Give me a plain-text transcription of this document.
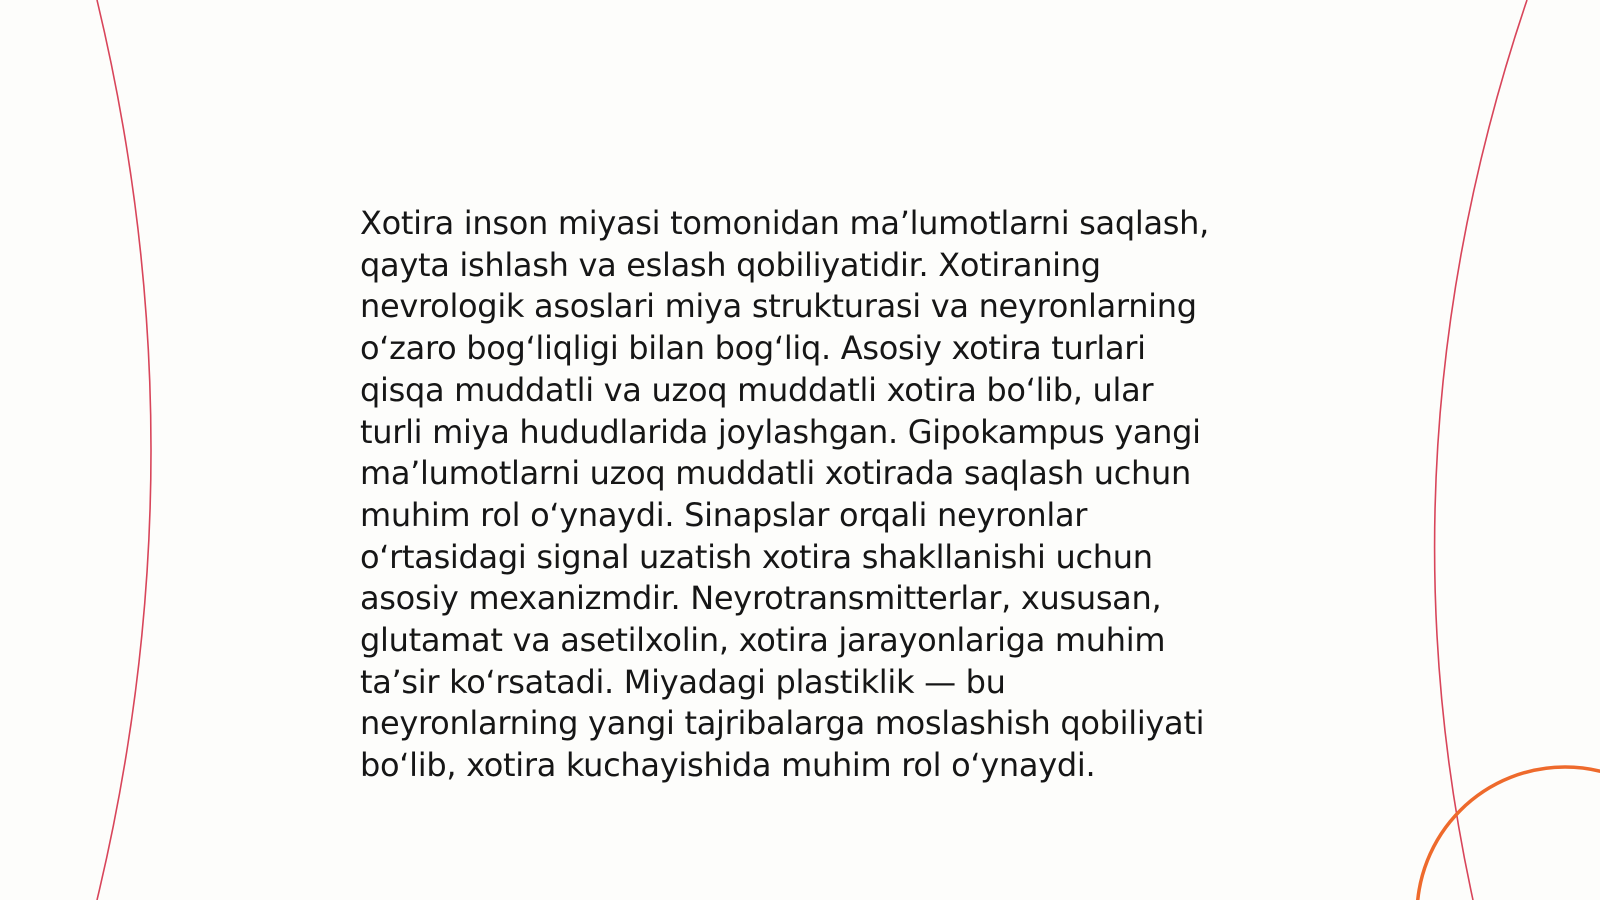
Xotira inson miyasi tomonidan ma’lumotlarni saqlash,
qayta ishlash va eslash qobiliyatidir. Xotiraning
nevrologik asoslari miya strukturasi va neyronlarning
o‘zaro bog‘liqligi bilan bog‘liq. Asosiy xotira turlari
qisqa muddatli va uzoq muddatli xotira bo‘lib, ular
turli miya hududlarida joylashgan. Gipokampus yangi
ma’lumotlarni uzoq muddatli xotirada saqlash uchun
muhim rol o‘ynaydi. Sinapslar orqali neyronlar
o‘rtasidagi signal uzatish xotira shakllanishi uchun
asosiy mexanizmdir. Neyrotransmitterlar, xususan,
glutamat va asetilxolin, xotira jarayonlariga muhim
ta’sir ko‘rsatadi. Miyadagi plastiklik — bu
neyronlarning yangi tajribalarga moslashish qobiliyati
bo‘lib, xotira kuchayishida muhim rol o‘ynaydi.
